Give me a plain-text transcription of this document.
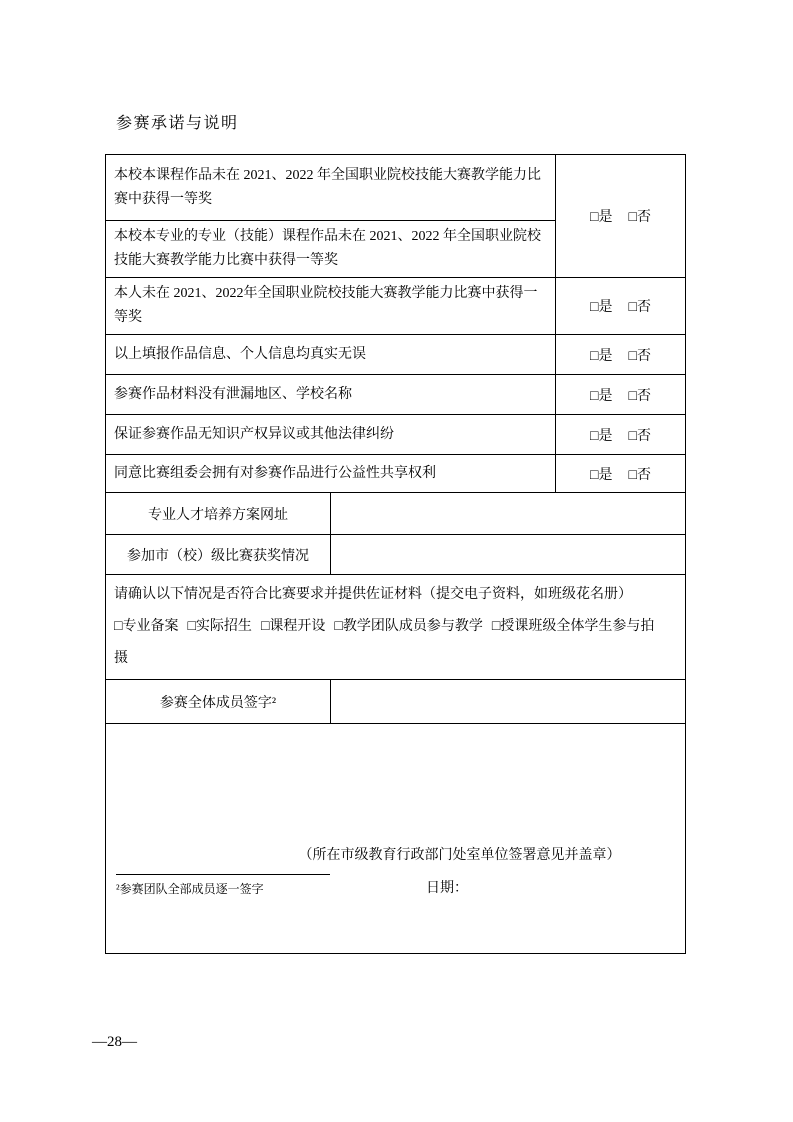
参赛承诺与说明
本校本课程作品未在 2021、2022 年全国职业院校技能大赛教学能力比赛中获得一等奖		□是 □否
本校本专业的专业（技能）课程作品未在 2021、2022 年全国职业院校技能大赛教学能力比赛中获得一等奖		
本人未在 2021、2022年全国职业院校技能大赛教学能力比赛中获得一等奖		□是 □否
以上填报作品信息、个人信息均真实无误		□是 □否
参赛作品材料没有泄漏地区、学校名称		□是 □否
保证参赛作品无知识产权异议或其他法律纠纷		□是 □否
同意比赛组委会拥有对参赛作品进行公益性共享权利		□是 □否
专业人才培养方案网址		
参加市（校）级比赛获奖情况		
请确认以下情况是否符合比赛要求并提供佐证材料（提交电子资料，如班级花名册）
□专业备案 □实际招生 □课程开设 □教学团队成员参与教学 □授课班级全体学生参与拍摄		
参赛全体成员签字²		

（所在市级教育行政部门处室单位签署意见并盖章）
²参赛团队全部成员逐一签字 日期：		
—28—
